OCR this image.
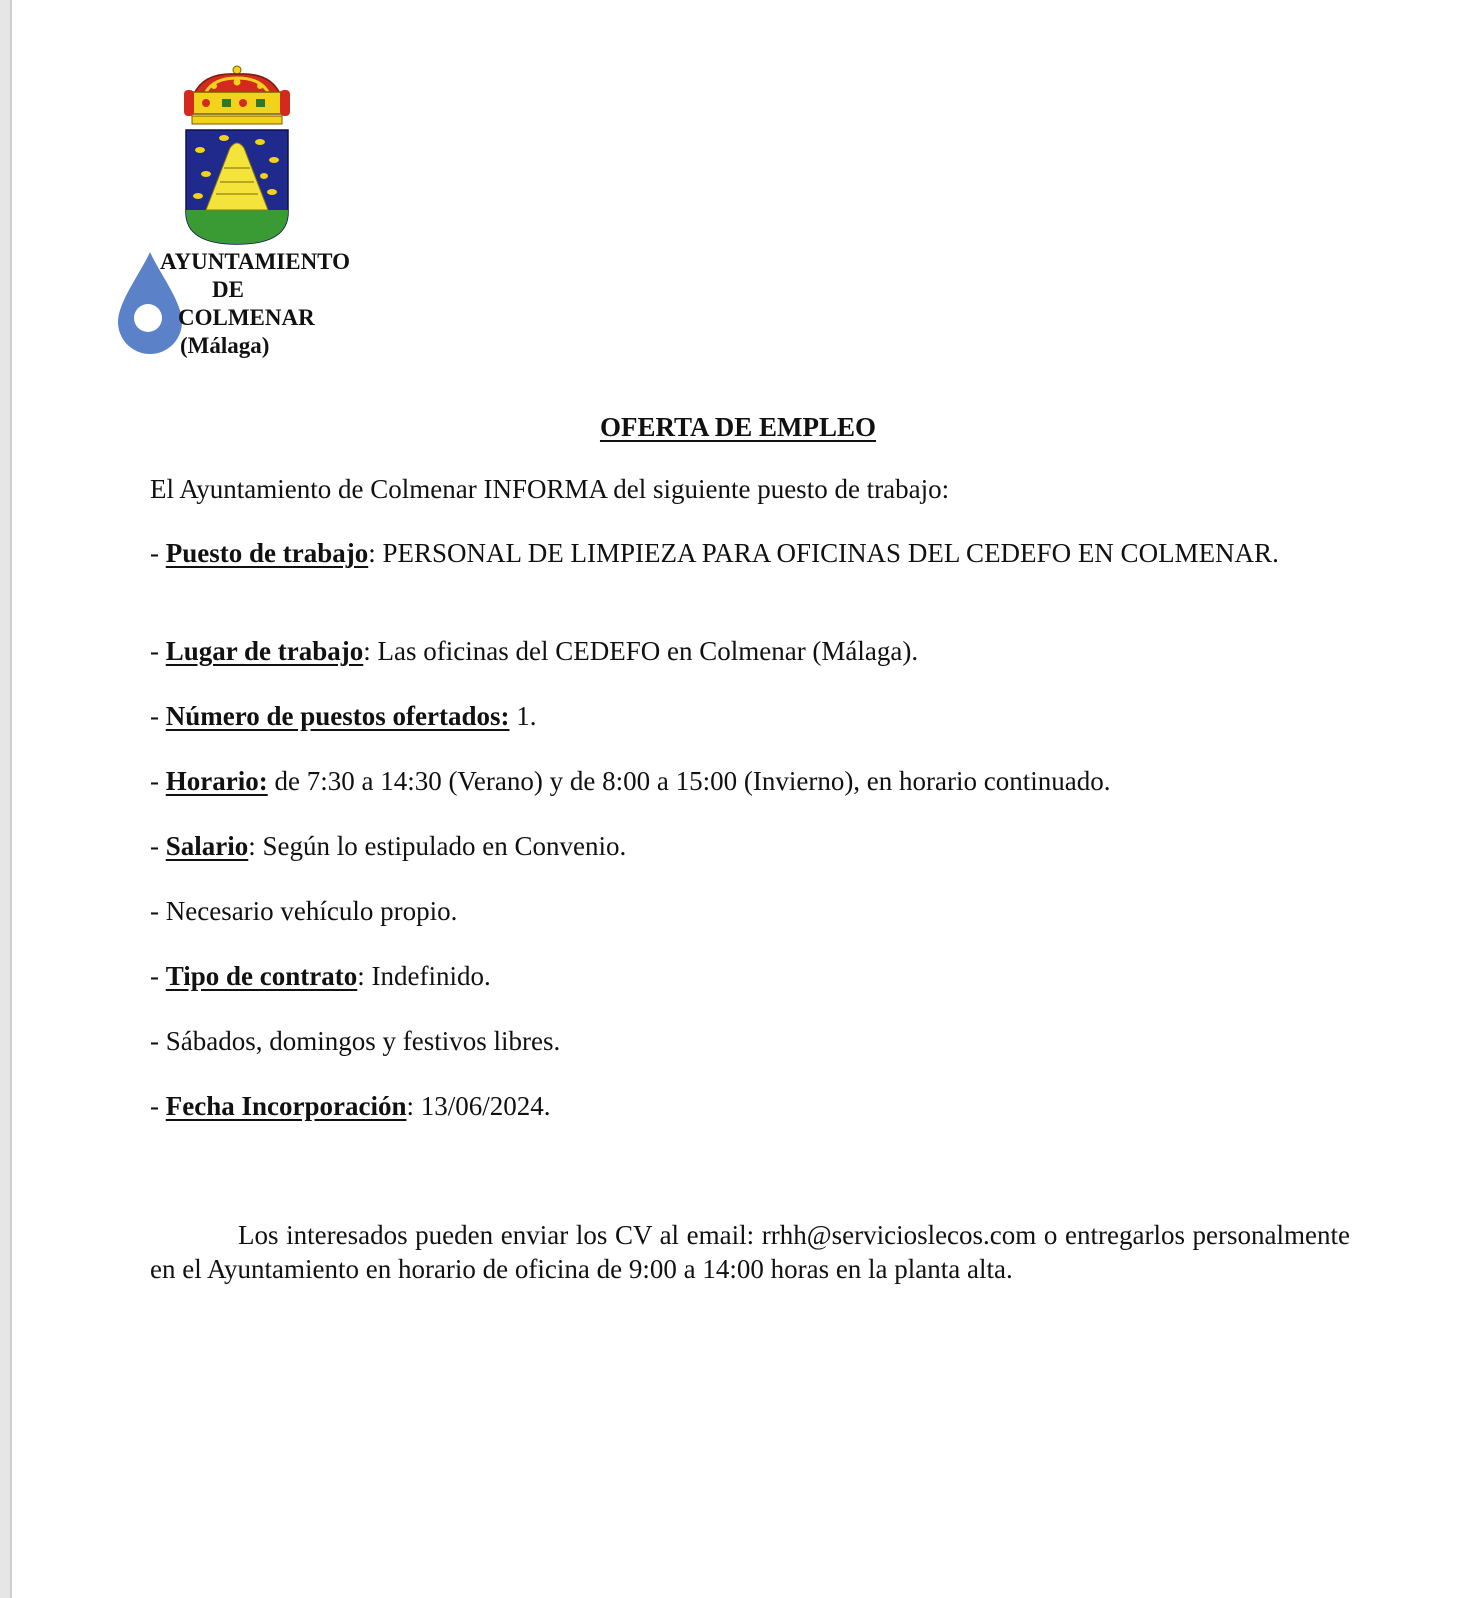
AYUNTAMIENTO
DE
COLMENAR
(Málaga)
OFERTA DE EMPLEO
El Ayuntamiento de Colmenar INFORMA del siguiente puesto de trabajo:
- Puesto de trabajo: PERSONAL DE LIMPIEZA PARA OFICINAS DEL CEDEFO EN COLMENAR.
- Lugar de trabajo: Las oficinas del CEDEFO en Colmenar (Málaga).
- Número de puestos ofertados: 1.
- Horario: de 7:30 a 14:30 (Verano) y de 8:00 a 15:00 (Invierno), en horario continuado.
- Salario: Según lo estipulado en Convenio.
- Necesario vehículo propio.
- Tipo de contrato: Indefinido.
- Sábados, domingos y festivos libres.
- Fecha Incorporación: 13/06/2024.
Los interesados pueden enviar los CV al email: rrhh@servicioslecos.com o entregarlos personalmente en el Ayuntamiento en horario de oficina de 9:00 a 14:00 horas en la planta alta.
